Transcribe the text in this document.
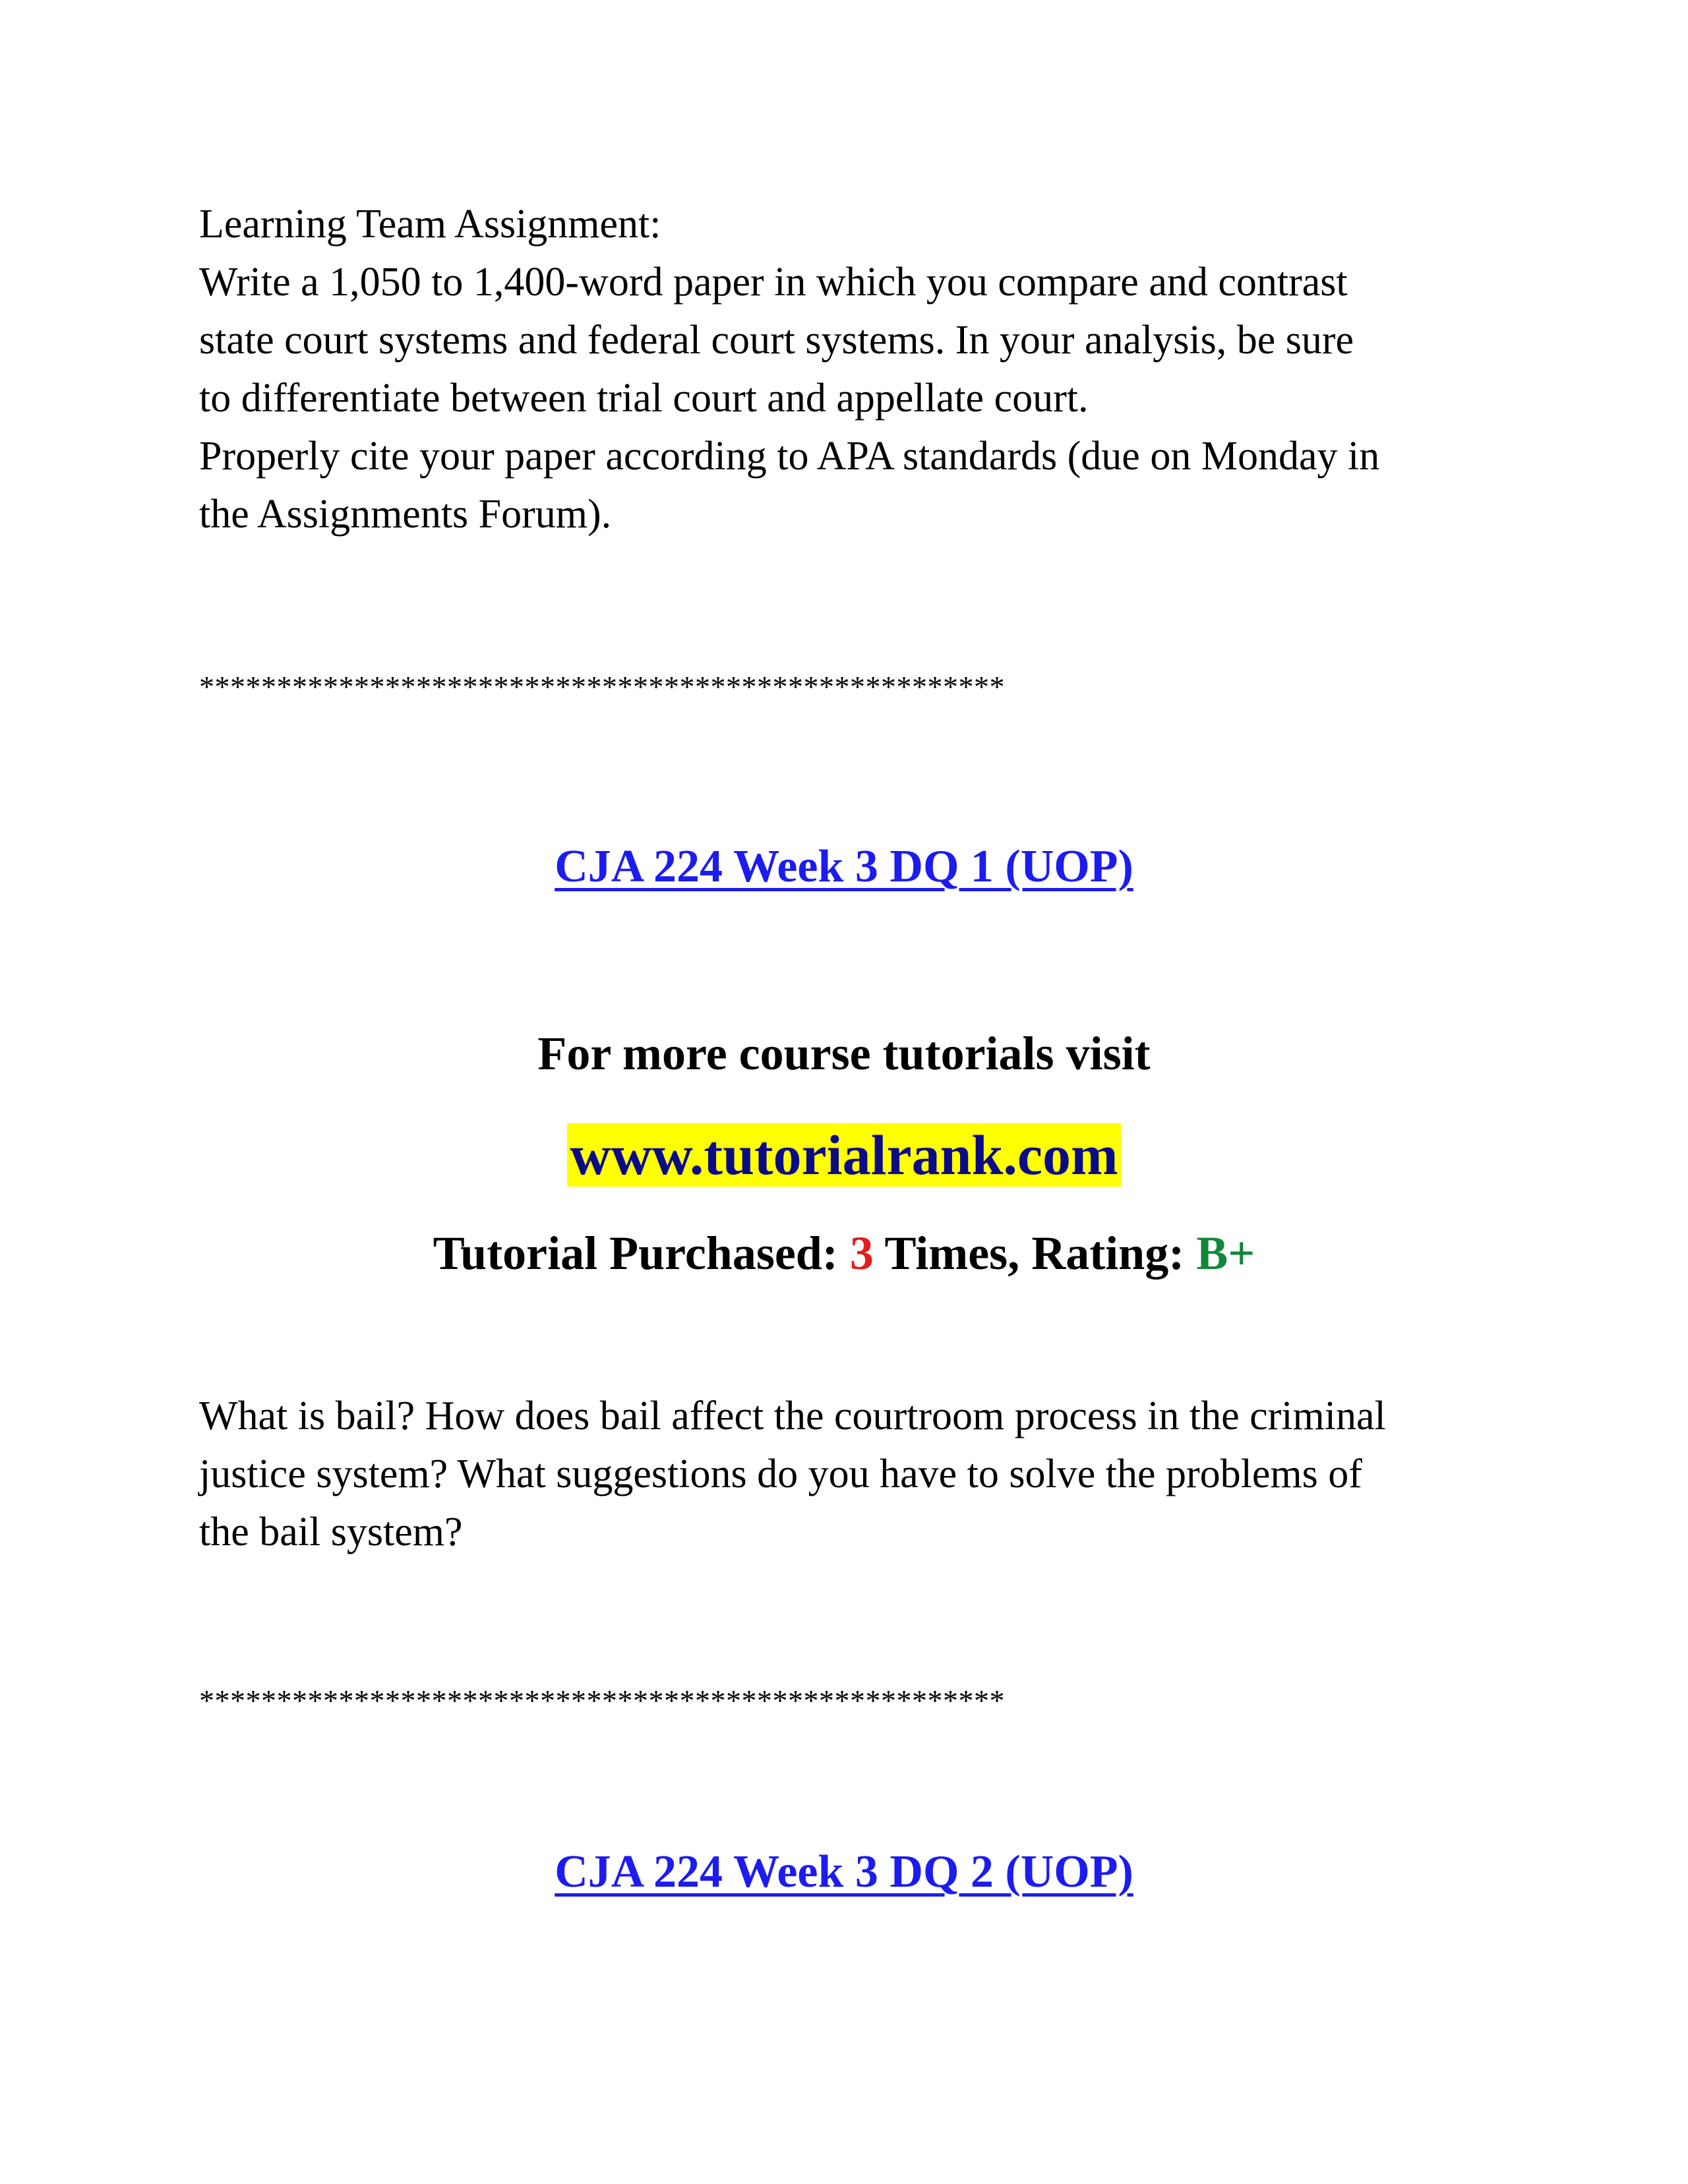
Learning Team Assignment:
Write a 1,050 to 1,400-word paper in which you compare and contrast
state court systems and federal court systems. In your analysis, be sure
to differentiate between trial court and appellate court.
Properly cite your paper according to APA standards (due on Monday in
the Assignments Forum).
****************************************************
CJA 224 Week 3 DQ 1 (UOP)
For more course tutorials visit
www.tutorialrank.com
Tutorial Purchased: 3 Times, Rating: B+
What is bail? How does bail affect the courtroom process in the criminal
justice system? What suggestions do you have to solve the problems of
the bail system?
****************************************************
CJA 224 Week 3 DQ 2 (UOP)
